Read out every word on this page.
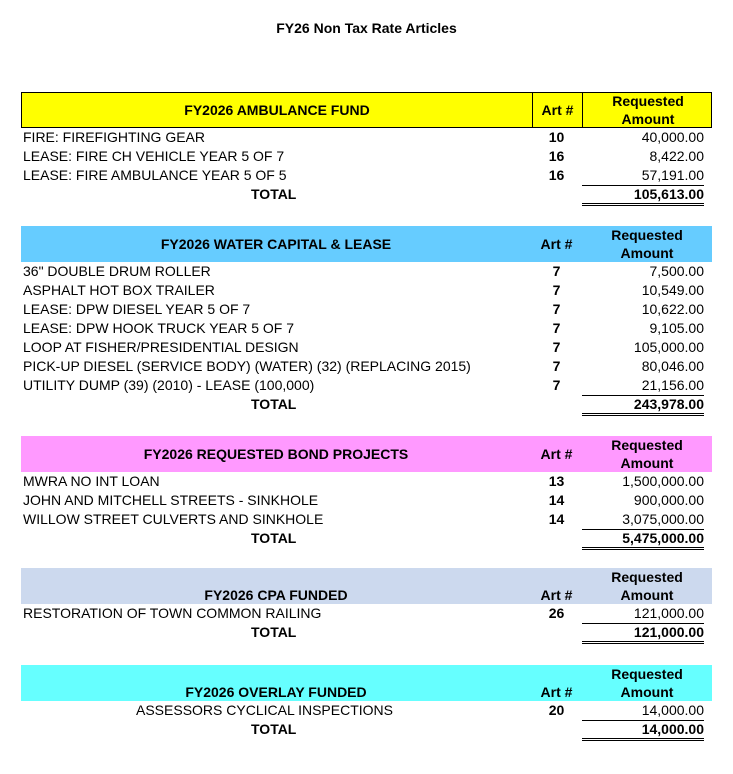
FY26 Non Tax Rate Articles
FY2026 AMBULANCE FUND	Art #
Requested
Amount
FIRE: FIREFIGHTING GEAR	10	40,000.00
LEASE: FIRE CH VEHICLE YEAR 5 OF 7	16	8,422.00
LEASE: FIRE AMBULANCE YEAR 5 OF 5	16	57,191.00
TOTAL	105,613.00
FY2026 WATER CAPITAL & LEASE	Art #
Requested
Amount
36" DOUBLE DRUM ROLLER	7	7,500.00
ASPHALT HOT BOX TRAILER	7	10,549.00
LEASE: DPW DIESEL YEAR 5 OF 7	7	10,622.00
LEASE: DPW HOOK TRUCK YEAR 5 OF 7	7	9,105.00
LOOP AT FISHER/PRESIDENTIAL DESIGN	7	105,000.00
PICK-UP DIESEL (SERVICE BODY) (WATER) (32) (REPLACING 2015)	7	80,046.00
UTILITY DUMP (39) (2010) - LEASE (100,000)	7	21,156.00
TOTAL	243,978.00
FY2026 REQUESTED BOND PROJECTS	Art #
Requested
Amount
MWRA NO INT LOAN	13	1,500,000.00
JOHN AND MITCHELL STREETS - SINKHOLE	14	900,000.00
WILLOW STREET CULVERTS AND SINKHOLE	14	3,075,000.00
TOTAL	5,475,000.00
FY2026 CPA FUNDED	Art #
Requested
Amount
RESTORATION OF TOWN COMMON RAILING	26	121,000.00
TOTAL	121,000.00
FY2026 OVERLAY FUNDED	Art #
Requested
Amount
ASSESSORS CYCLICAL INSPECTIONS	20	14,000.00
TOTAL	14,000.00
